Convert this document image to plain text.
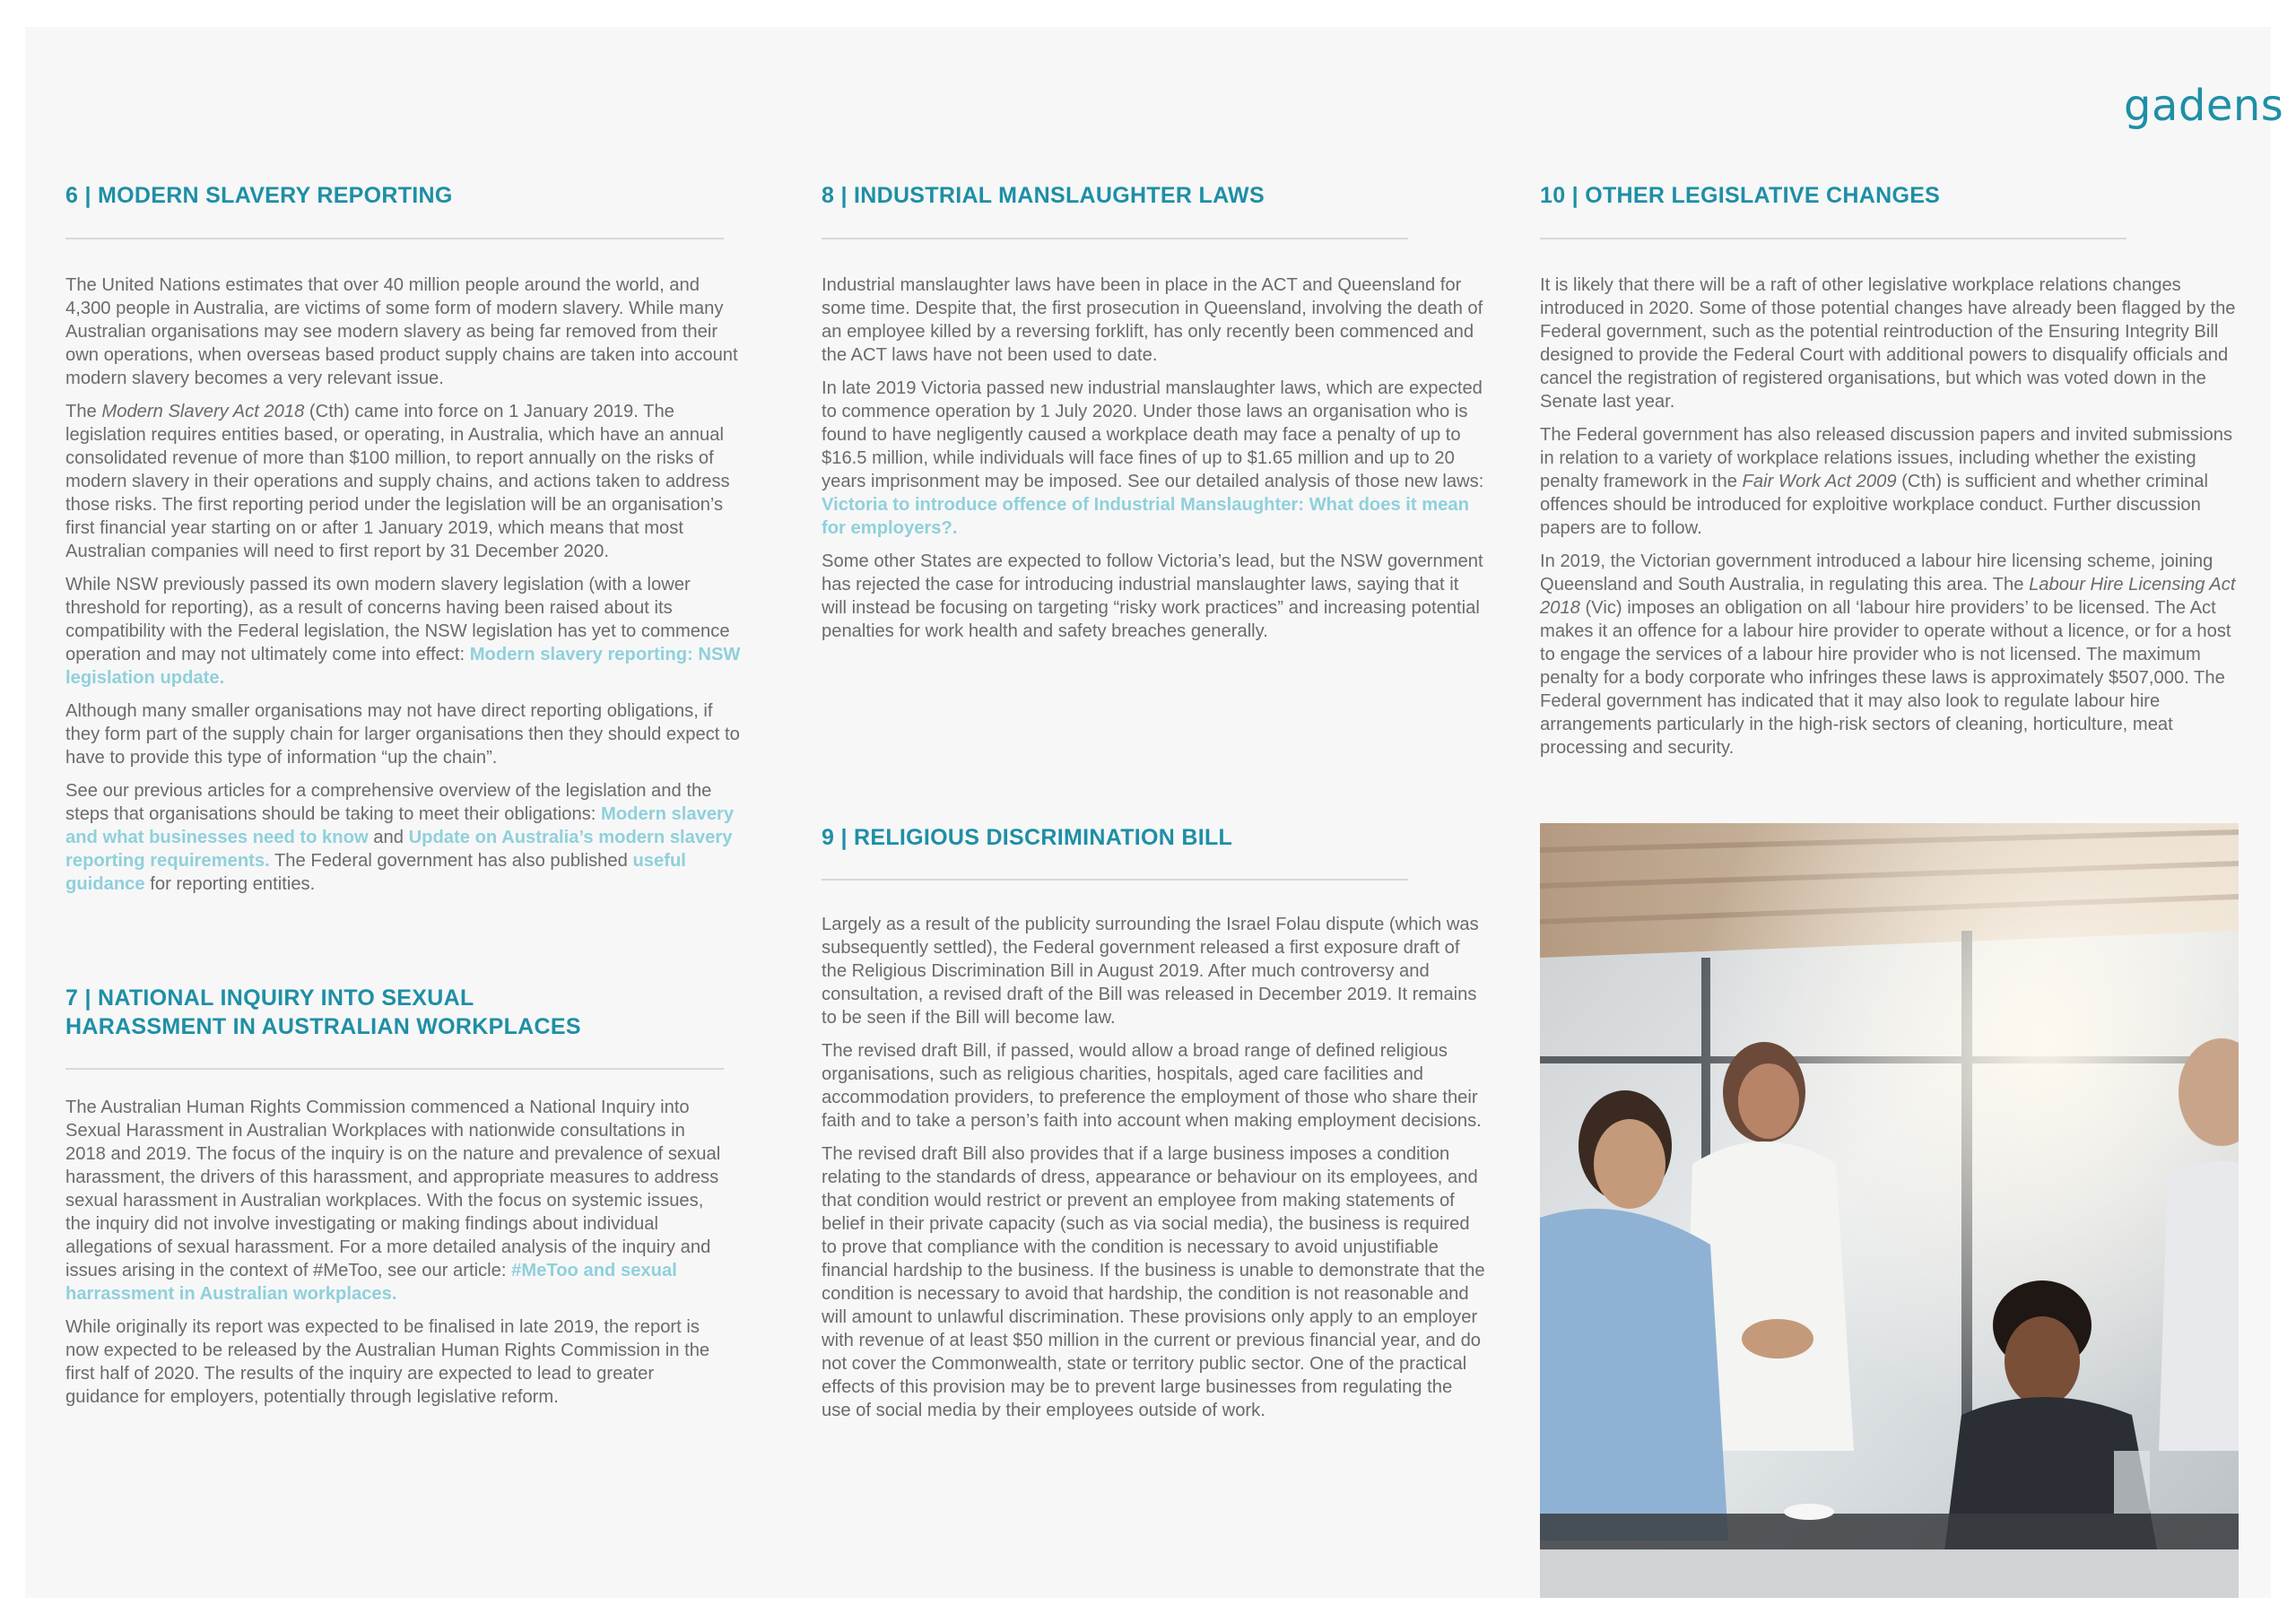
gadens
6 | MODERN SLAVERY REPORTING

The United Nations estimates that over 40 million people around the world, and 4,300 people in Australia, are victims of some form of modern slavery. While many Australian organisations may see modern slavery as being far removed from their own operations, when overseas based product supply chains are taken into account modern slavery becomes a very relevant issue.

The Modern Slavery Act 2018 (Cth) came into force on 1 January 2019. The legislation requires entities based, or operating, in Australia, which have an annual consolidated revenue of more than $100 million, to report annually on the risks of modern slavery in their operations and supply chains, and actions taken to address those risks. The first reporting period under the legislation will be an organisation’s first financial year starting on or after 1 January 2019, which means that most Australian companies will need to first report by 31 December 2020.

While NSW previously passed its own modern slavery legislation (with a lower threshold for reporting), as a result of concerns having been raised about its compatibility with the Federal legislation, the NSW legislation has yet to commence operation and may not ultimately come into effect: Modern slavery reporting: NSW legislation update.

Although many smaller organisations may not have direct reporting obligations, if they form part of the supply chain for larger organisations then they should expect to have to provide this type of information “up the chain”.

See our previous articles for a comprehensive overview of the legislation and the steps that organisations should be taking to meet their obligations: Modern slavery and what businesses need to know and Update on Australia’s modern slavery reporting requirements. The Federal government has also published useful guidance for reporting entities.

7 | NATIONAL INQUIRY INTO SEXUAL
HARASSMENT IN AUSTRALIAN WORKPLACES

The Australian Human Rights Commission commenced a National Inquiry into Sexual Harassment in Australian Workplaces with nationwide consultations in 2018 and 2019. The focus of the inquiry is on the nature and prevalence of sexual harassment, the drivers of this harassment, and appropriate measures to address sexual harassment in Australian workplaces. With the focus on systemic issues, the inquiry did not involve investigating or making findings about individual allegations of sexual harassment. For a more detailed analysis of the inquiry and issues arising in the context of #MeToo, see our article: #MeToo and sexual harrassment in Australian workplaces.

While originally its report was expected to be finalised in late 2019, the report is now expected to be released by the Australian Human Rights Commission in the first half of 2020. The results of the inquiry are expected to lead to greater guidance for employers, potentially through legislative reform.

8 | INDUSTRIAL MANSLAUGHTER LAWS

Industrial manslaughter laws have been in place in the ACT and Queensland for some time. Despite that, the first prosecution in Queensland, involving the death of an employee killed by a reversing forklift, has only recently been commenced and the ACT laws have not been used to date.

In late 2019 Victoria passed new industrial manslaughter laws, which are expected to commence operation by 1 July 2020. Under those laws an organisation who is found to have negligently caused a workplace death may face a penalty of up to $16.5 million, while individuals will face fines of up to $1.65 million and up to 20 years imprisonment may be imposed. See our detailed analysis of those new laws: Victoria to introduce offence of Industrial Manslaughter: What does it mean for employers?.

Some other States are expected to follow Victoria’s lead, but the NSW government has rejected the case for introducing industrial manslaughter laws, saying that it will instead be focusing on targeting “risky work practices” and increasing potential penalties for work health and safety breaches generally.

9 | RELIGIOUS DISCRIMINATION BILL

Largely as a result of the publicity surrounding the Israel Folau dispute (which was subsequently settled), the Federal government released a first exposure draft of the Religious Discrimination Bill in August 2019. After much controversy and consultation, a revised draft of the Bill was released in December 2019. It remains to be seen if the Bill will become law.

The revised draft Bill, if passed, would allow a broad range of defined religious organisations, such as religious charities, hospitals, aged care facilities and accommodation providers, to preference the employment of those who share their faith and to take a person’s faith into account when making employment decisions.

The revised draft Bill also provides that if a large business imposes a condition relating to the standards of dress, appearance or behaviour on its employees, and that condition would restrict or prevent an employee from making statements of belief in their private capacity (such as via social media), the business is required to prove that compliance with the condition is necessary to avoid unjustifiable financial hardship to the business. If the business is unable to demonstrate that the condition is necessary to avoid that hardship, the condition is not reasonable and will amount to unlawful discrimination. These provisions only apply to an employer with revenue of at least $50 million in the current or previous financial year, and do not cover the Commonwealth, state or territory public sector. One of the practical effects of this provision may be to prevent large businesses from regulating the use of social media by their employees outside of work.

10 | OTHER LEGISLATIVE CHANGES

It is likely that there will be a raft of other legislative workplace relations changes introduced in 2020. Some of those potential changes have already been flagged by the Federal government, such as the potential reintroduction of the Ensuring Integrity Bill designed to provide the Federal Court with additional powers to disqualify officials and cancel the registration of registered organisations, but which was voted down in the Senate last year.

The Federal government has also released discussion papers and invited submissions in relation to a variety of workplace relations issues, including whether the existing penalty framework in the Fair Work Act 2009 (Cth) is sufficient and whether criminal offences should be introduced for exploitive workplace conduct. Further discussion papers are to follow.

In 2019, the Victorian government introduced a labour hire licensing scheme, joining Queensland and South Australia, in regulating this area. The Labour Hire Licensing Act 2018 (Vic) imposes an obligation on all ‘labour hire providers’ to be licensed. The Act makes it an offence for a labour hire provider to operate without a licence, or for a host to engage the services of a labour hire provider who is not licensed. The maximum penalty for a body corporate who infringes these laws is approximately $507,000. The Federal government has indicated that it may also look to regulate labour hire arrangements particularly in the high-risk sectors of cleaning, horticulture, meat processing and security.
